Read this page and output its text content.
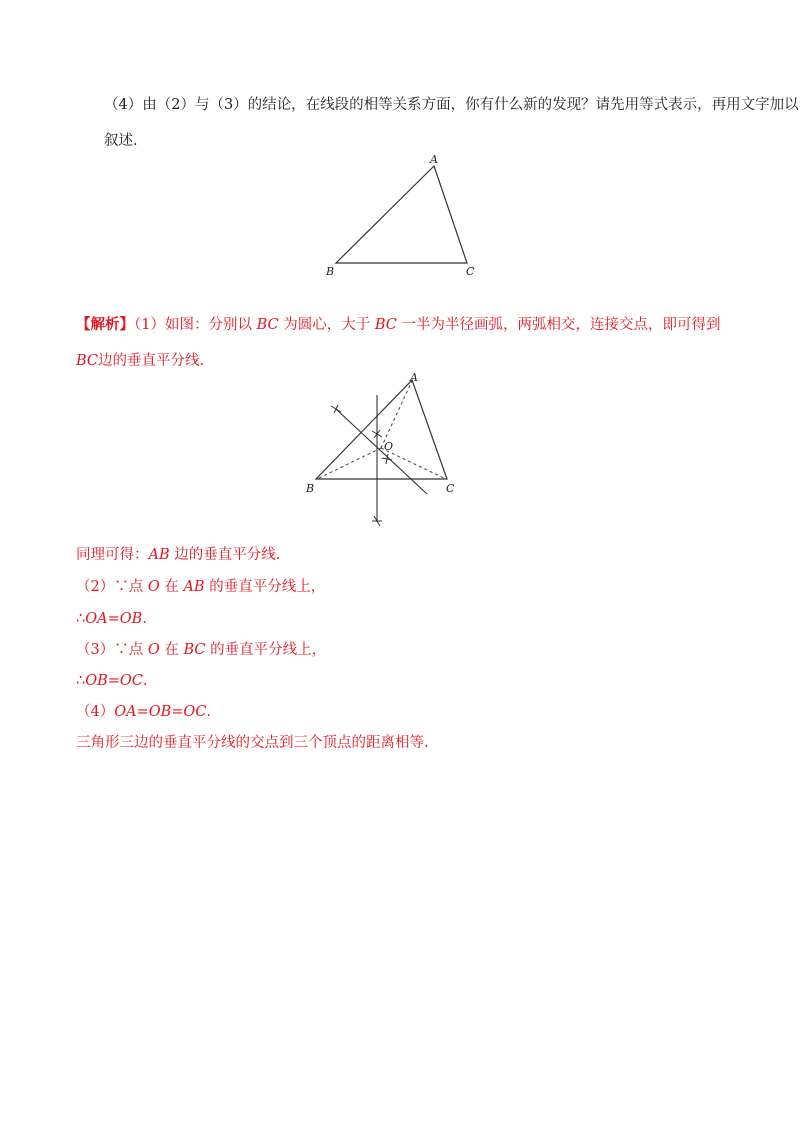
（4）由（2）与（3）的结论，在线段的相等关系方面，你有什么新的发现？请先用等式表示，再用文字加以
叙述.
A
B	C
【解析】（1）如图：分别以 BC 为圆心，大于 BC 一半为半径画弧，两弧相交，连接交点，即可得到
BC边的垂直平分线.
A
B	C
O
同理可得：AB 边的垂直平分线.
（2）∵点 O 在 AB 的垂直平分线上，
∴OA=OB.
（3）∵点 O 在 BC 的垂直平分线上，
∴OB=OC.
（4）OA=OB=OC.
三角形三边的垂直平分线的交点到三个顶点的距离相等.
